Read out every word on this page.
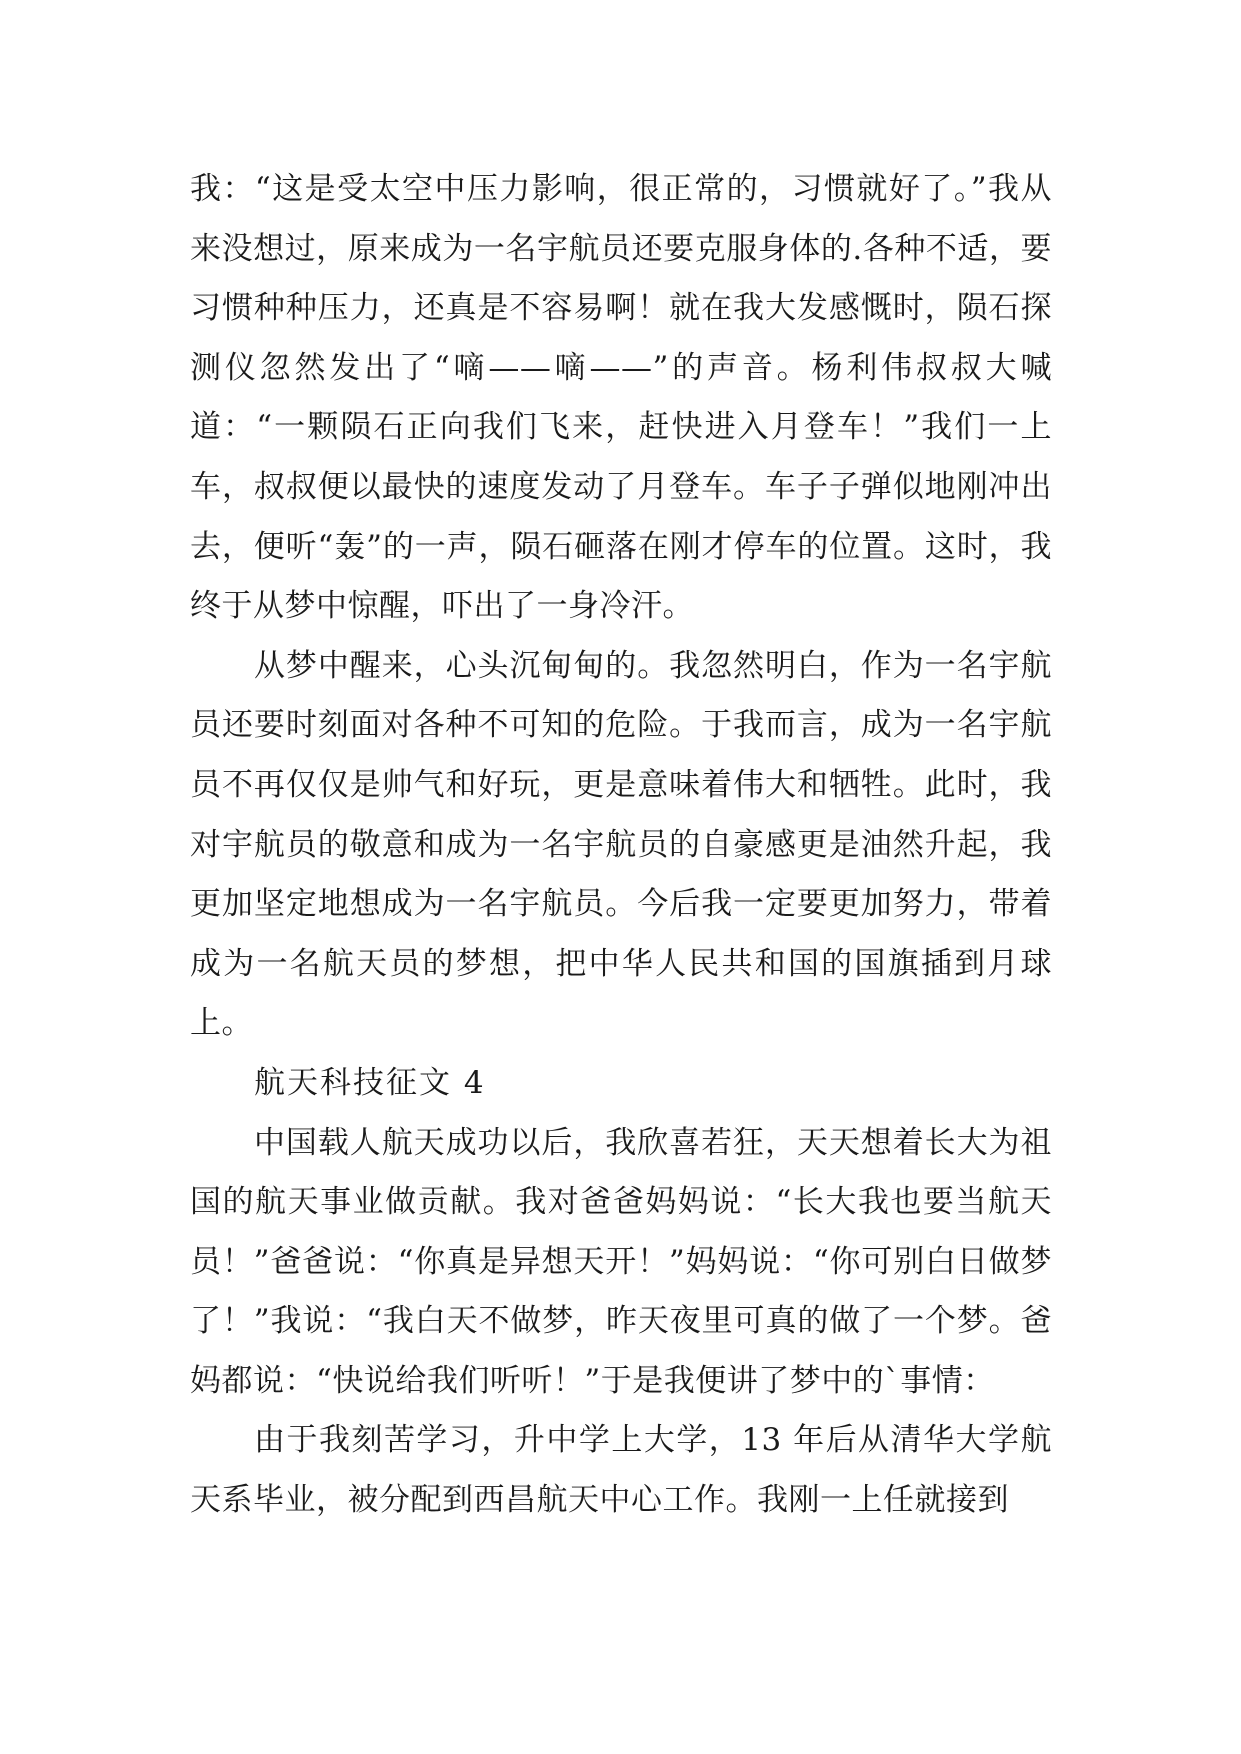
我：“这是受太空中压力影响，很正常的，习惯就好了。”我从来没想过，原来成为一名宇航员还要克服身体的.各种不适，要习惯种种压力，还真是不容易啊！就在我大发感慨时，陨石探测仪忽然发出了“嘀——嘀——”的声音。杨利伟叔叔大喊道：“一颗陨石正向我们飞来，赶快进入月登车！”我们一上车，叔叔便以最快的速度发动了月登车。车子子弹似地刚冲出去，便听“轰”的一声，陨石砸落在刚才停车的位置。这时，我终于从梦中惊醒，吓出了一身冷汗。

从梦中醒来，心头沉甸甸的。我忽然明白，作为一名宇航员还要时刻面对各种不可知的危险。于我而言，成为一名宇航员不再仅仅是帅气和好玩，更是意味着伟大和牺牲。此时，我对宇航员的敬意和成为一名宇航员的自豪感更是油然升起，我更加坚定地想成为一名宇航员。今后我一定要更加努力，带着成为一名航天员的梦想，把中华人民共和国的国旗插到月球上。

航天科技征文 4

中国载人航天成功以后，我欣喜若狂，天天想着长大为祖国的航天事业做贡献。我对爸爸妈妈说：“长大我也要当航天员！”爸爸说：“你真是异想天开！”妈妈说：“你可别白日做梦了！”我说：“我白天不做梦，昨天夜里可真的做了一个梦。爸妈都说：“快说给我们听听！”于是我便讲了梦中的`事情：

由于我刻苦学习，升中学上大学，13 年后从清华大学航天系毕业，被分配到西昌航天中心工作。我刚一上任就接到
